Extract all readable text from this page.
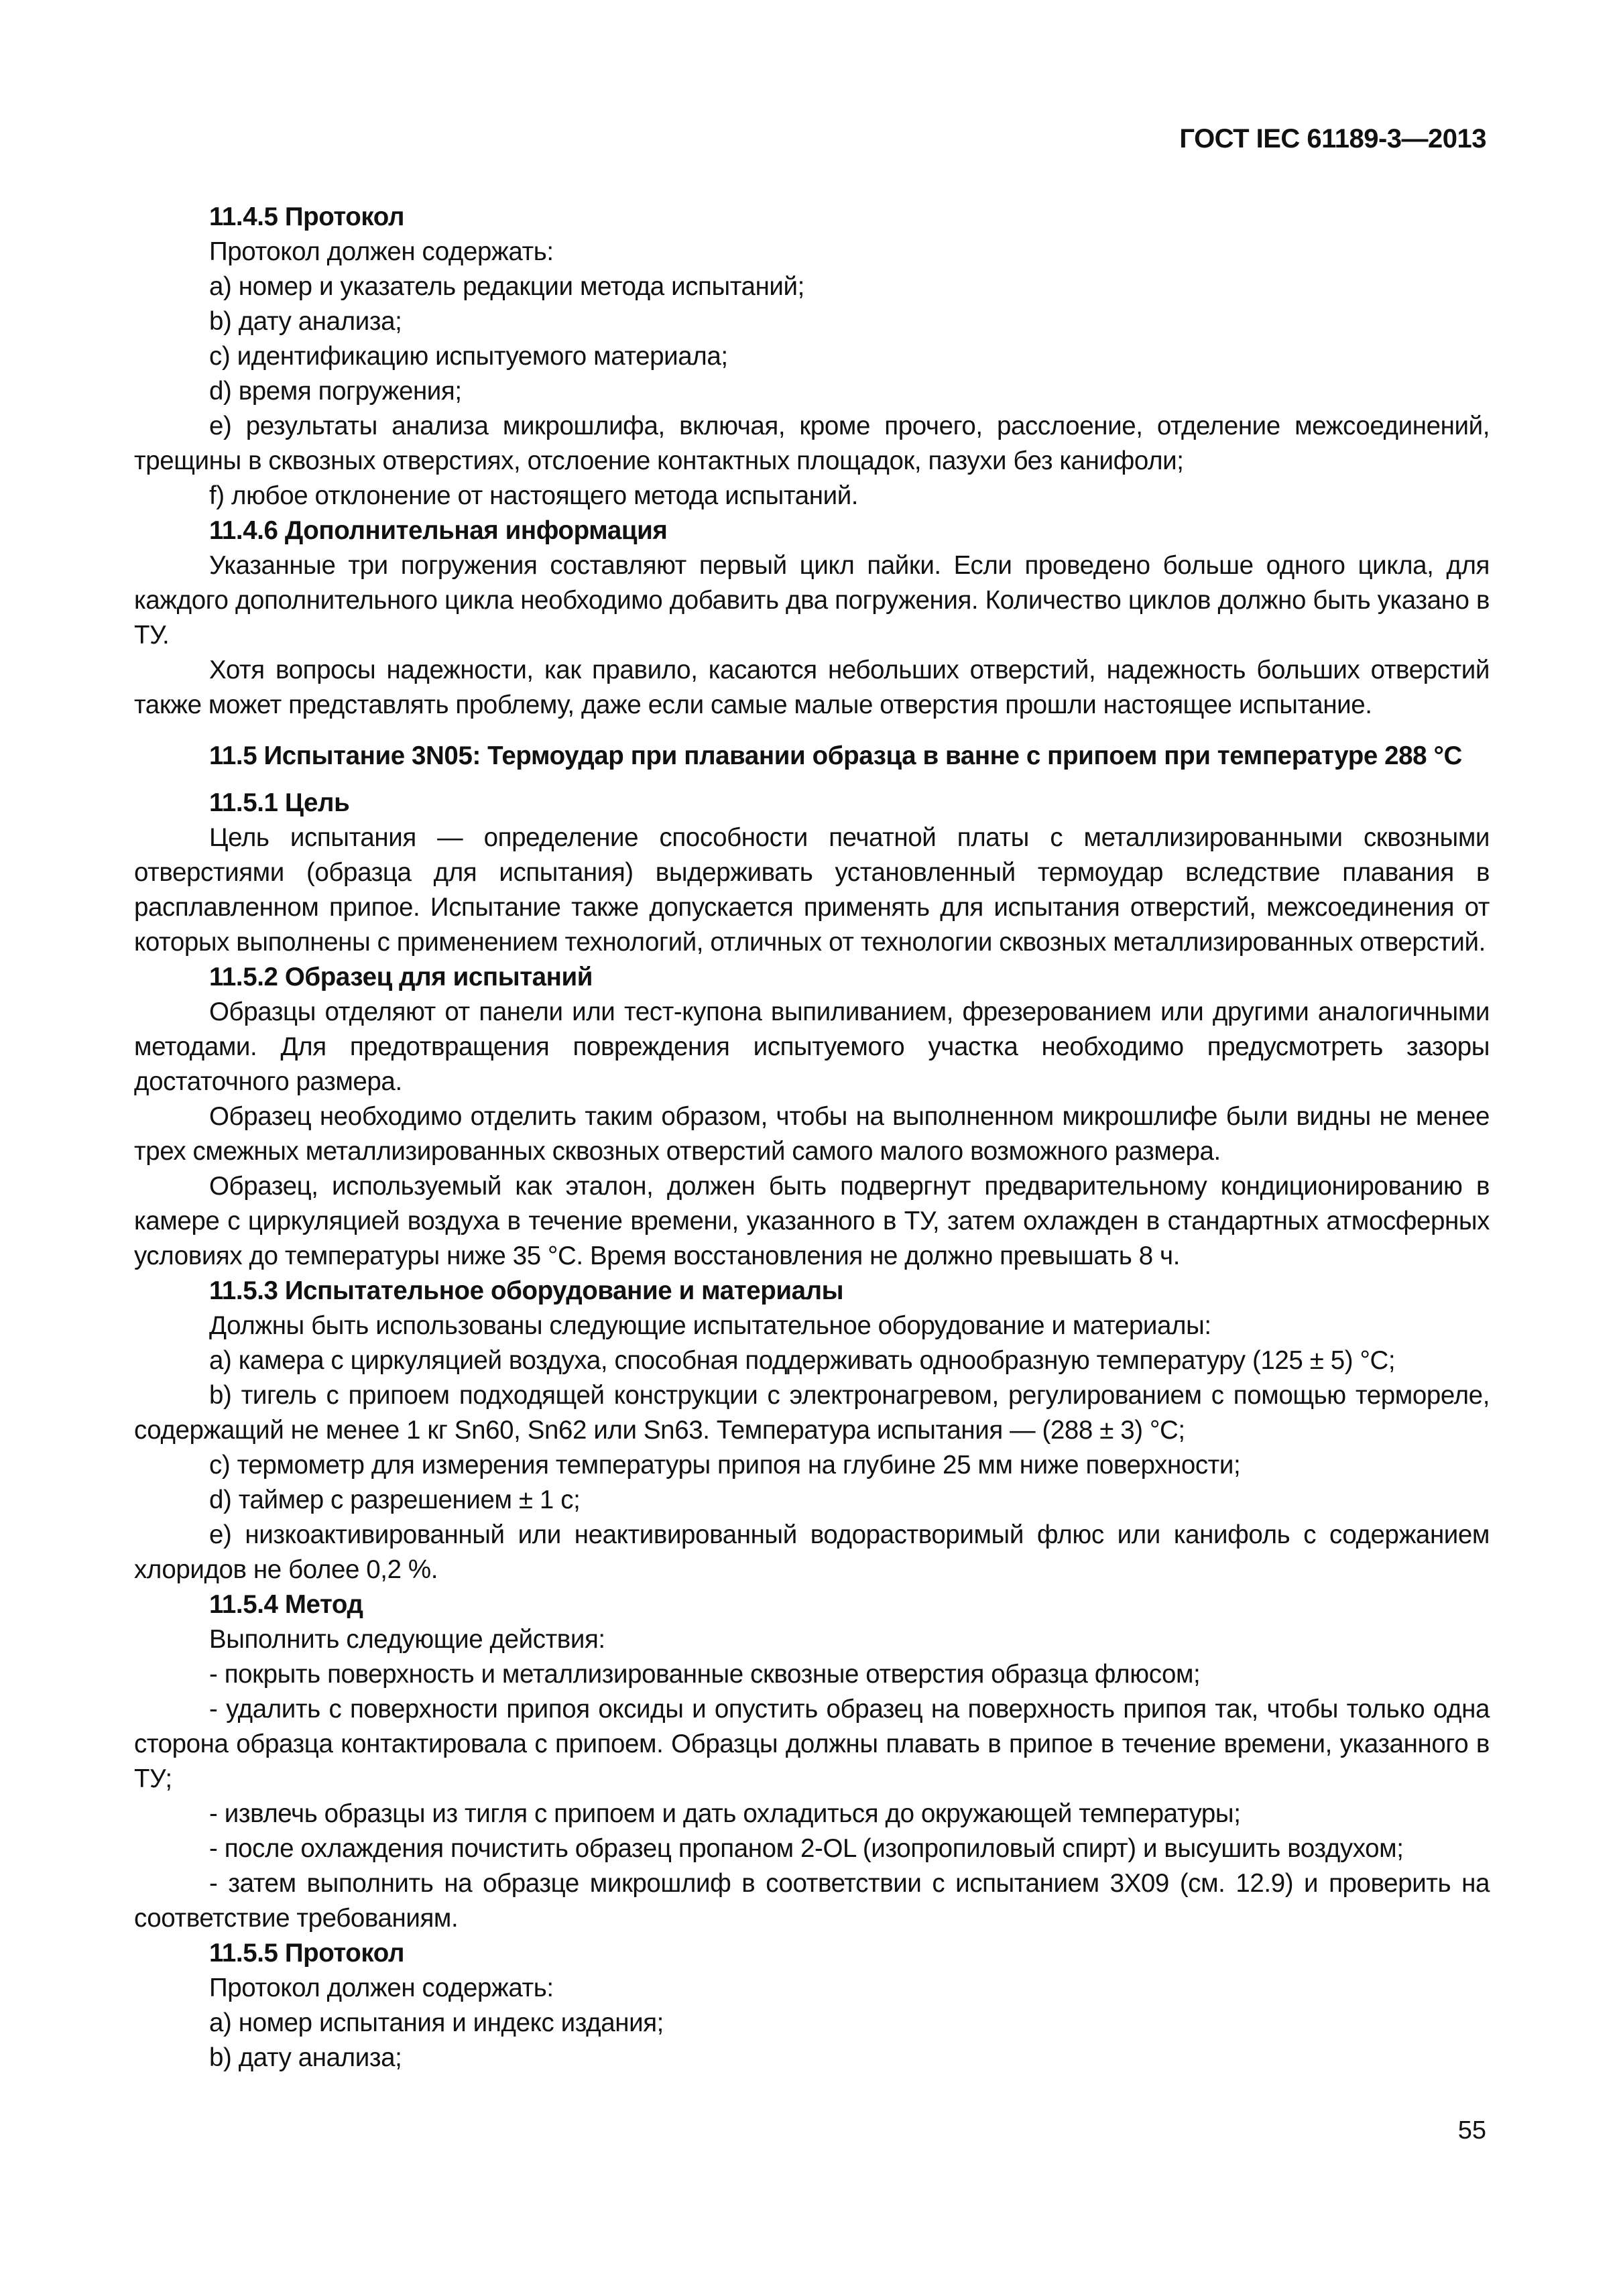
ГОСТ IEC 61189-3—2013
11.4.5 Протокол
Протокол должен содержать:
a) номер и указатель редакции метода испытаний;
b) дату анализа;
c) идентификацию испытуемого материала;
d) время погружения;
e) результаты анализа микрошлифа, включая, кроме прочего, расслоение, отделение межсоединений, трещины в сквозных отверстиях, отслоение контактных площадок, пазухи без канифоли;
f) любое отклонение от настоящего метода испытаний.
11.4.6 Дополнительная информация
Указанные три погружения составляют первый цикл пайки. Если проведено больше одного цикла, для каждого дополнительного цикла необходимо добавить два погружения. Количество циклов должно быть указано в ТУ.
Хотя вопросы надежности, как правило, касаются небольших отверстий, надежность больших отверстий также может представлять проблему, даже если самые малые отверстия прошли настоящее испытание.
11.5 Испытание 3N05: Термоудар при плавании образца в ванне с припоем при температуре 288 °С
11.5.1 Цель
Цель испытания — определение способности печатной платы с металлизированными сквозными отверстиями (образца для испытания) выдерживать установленный термоудар вследствие плавания в расплавленном припое. Испытание также допускается применять для испытания отверстий, межсоединения от которых выполнены с применением технологий, отличных от технологии сквозных металлизированных отверстий.
11.5.2 Образец для испытаний
Образцы отделяют от панели или тест-купона выпиливанием, фрезерованием или другими аналогичными методами. Для предотвращения повреждения испытуемого участка необходимо предусмотреть зазоры достаточного размера.
Образец необходимо отделить таким образом, чтобы на выполненном микрошлифе были видны не менее трех смежных металлизированных сквозных отверстий самого малого возможного размера.
Образец, используемый как эталон, должен быть подвергнут предварительному кондиционированию в камере с циркуляцией воздуха в течение времени, указанного в ТУ, затем охлажден в стандартных атмосферных условиях до температуры ниже 35 °С. Время восстановления не должно превышать 8 ч.
11.5.3 Испытательное оборудование и материалы
Должны быть использованы следующие испытательное оборудование и материалы:
a) камера с циркуляцией воздуха, способная поддерживать однообразную температуру (125 ± 5) °С;
b) тигель с припоем подходящей конструкции с электронагревом, регулированием с помощью термореле, содержащий не менее 1 кг Sn60, Sn62 или Sn63. Температура испытания — (288 ± 3) °С;
c) термометр для измерения температуры припоя на глубине 25 мм ниже поверхности;
d) таймер с разрешением ± 1 с;
e) низкоактивированный или неактивированный водорастворимый флюс или канифоль с содержанием хлоридов не более 0,2 %.
11.5.4 Метод
Выполнить следующие действия:
- покрыть поверхность и металлизированные сквозные отверстия образца флюсом;
- удалить с поверхности припоя оксиды и опустить образец на поверхность припоя так, чтобы только одна сторона образца контактировала с припоем. Образцы должны плавать в припое в течение времени, указанного в ТУ;
- извлечь образцы из тигля с припоем и дать охладиться до окружающей температуры;
- после охлаждения почистить образец пропаном 2-OL (изопропиловый спирт) и высушить воздухом;
- затем выполнить на образце микрошлиф в соответствии с испытанием 3X09 (см. 12.9) и проверить на соответствие требованиям.
11.5.5 Протокол
Протокол должен содержать:
a) номер испытания и индекс издания;
b) дату анализа;
55
